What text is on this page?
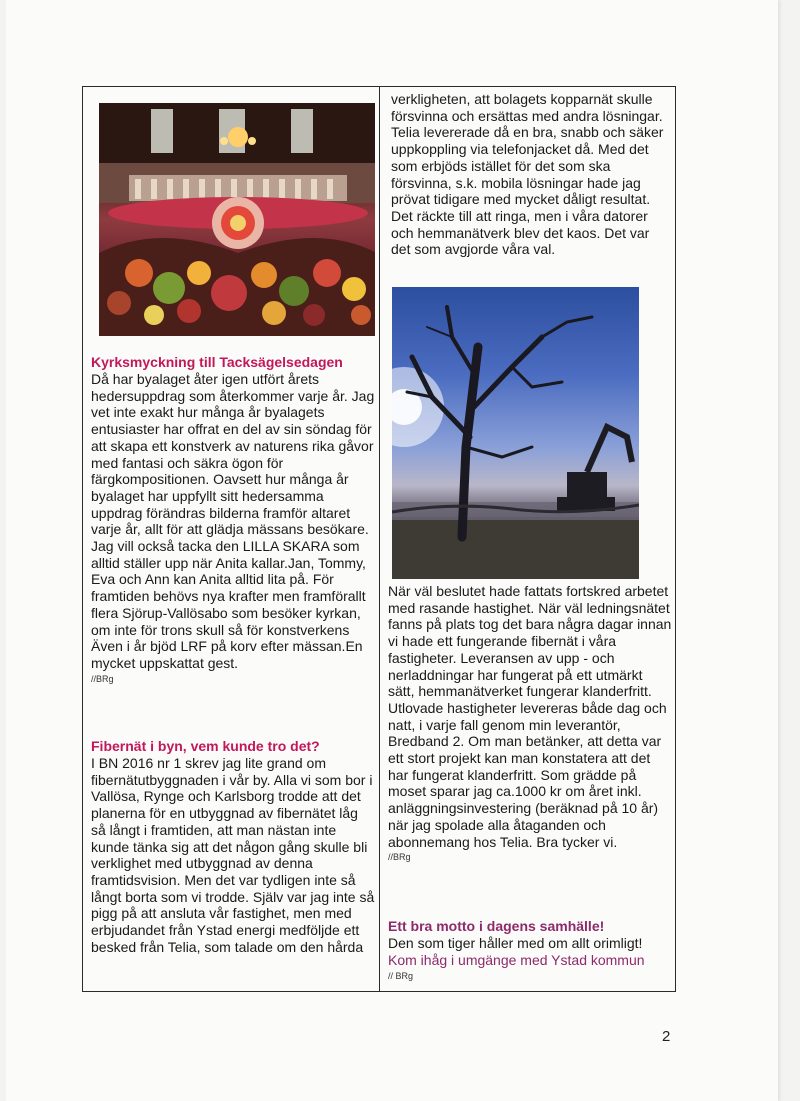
Kyrksmyckning till Tacksägelsedagen

Då har byalaget åter igen utfört årets hedersuppdrag som återkommer varje år. Jag vet inte exakt hur många år byalagets entusiaster har offrat en del av sin söndag för att skapa ett konstverk av naturens rika gåvor med fantasi och säkra ögon för färgkompositionen. Oavsett hur många år byalaget har uppfyllt sitt hedersamma uppdrag förändras bilderna framför altaret varje år, allt för att glädja mässans besökare. Jag vill också tacka den LILLA SKARA som alltid ställer upp när Anita kallar.Jan, Tommy, Eva och Ann kan Anita alltid lita på. För framtiden behövs nya krafter men framförallt flera Sjörup-Vallösabo som besöker kyrkan, om inte för trons skull så för konstverkens Även i år bjöd LRF på korv efter mässan.En mycket uppskattat gest.

//BRg

Fibernät i byn, vem kunde tro det?

I BN 2016 nr 1 skrev jag lite grand om fibernätutbyggnaden i vår by. Alla vi som bor i Vallösa, Rynge och Karlsborg trodde att det planerna för en utbyggnad av fibernätet låg så långt i framtiden, att man nästan inte kunde tänka sig att det någon gång skulle bli verklighet med utbyggnad av denna framtidsvision. Men det var tydligen inte så långt borta som vi trodde. Själv var jag inte så pigg på att ansluta vår fastighet, men med erbjudandet från Ystad energi medföljde ett besked från Telia, som talade om den hårda

verkligheten, att bolagets kopparnät skulle försvinna och ersättas med andra lösningar. Telia levererade då en bra, snabb och säker uppkoppling via telefonjacket då. Med det som erbjöds istället för det som ska försvinna, s.k. mobila lösningar hade jag prövat tidigare med mycket dåligt resultat. Det räckte till att ringa, men i våra datorer och hemmanätverk blev det kaos. Det var det som avgjorde våra val.

När väl beslutet hade fattats fortskred arbetet med rasande hastighet. När väl ledningsnätet fanns på plats tog det bara några dagar innan vi hade ett fungerande fibernät i våra fastigheter. Leveransen av upp - och nerladdningar har fungerat på ett utmärkt sätt, hemmanätverket fungerar klanderfritt. Utlovade hastigheter levereras både dag och natt, i varje fall genom min leverantör, Bredband 2. Om man betänker, att detta var ett stort projekt kan man konstatera att det har fungerat klanderfritt. Som grädde på moset sparar jag ca.1000 kr om året inkl. anläggningsinvestering (beräknad på 10 år) när jag spolade alla åtaganden och abonnemang hos Telia. Bra tycker vi.

//BRg

Ett bra motto i dagens samhälle!

Den som tiger håller med om allt orimligt!

Kom ihåg i umgänge med Ystad kommun

// BRg

2
